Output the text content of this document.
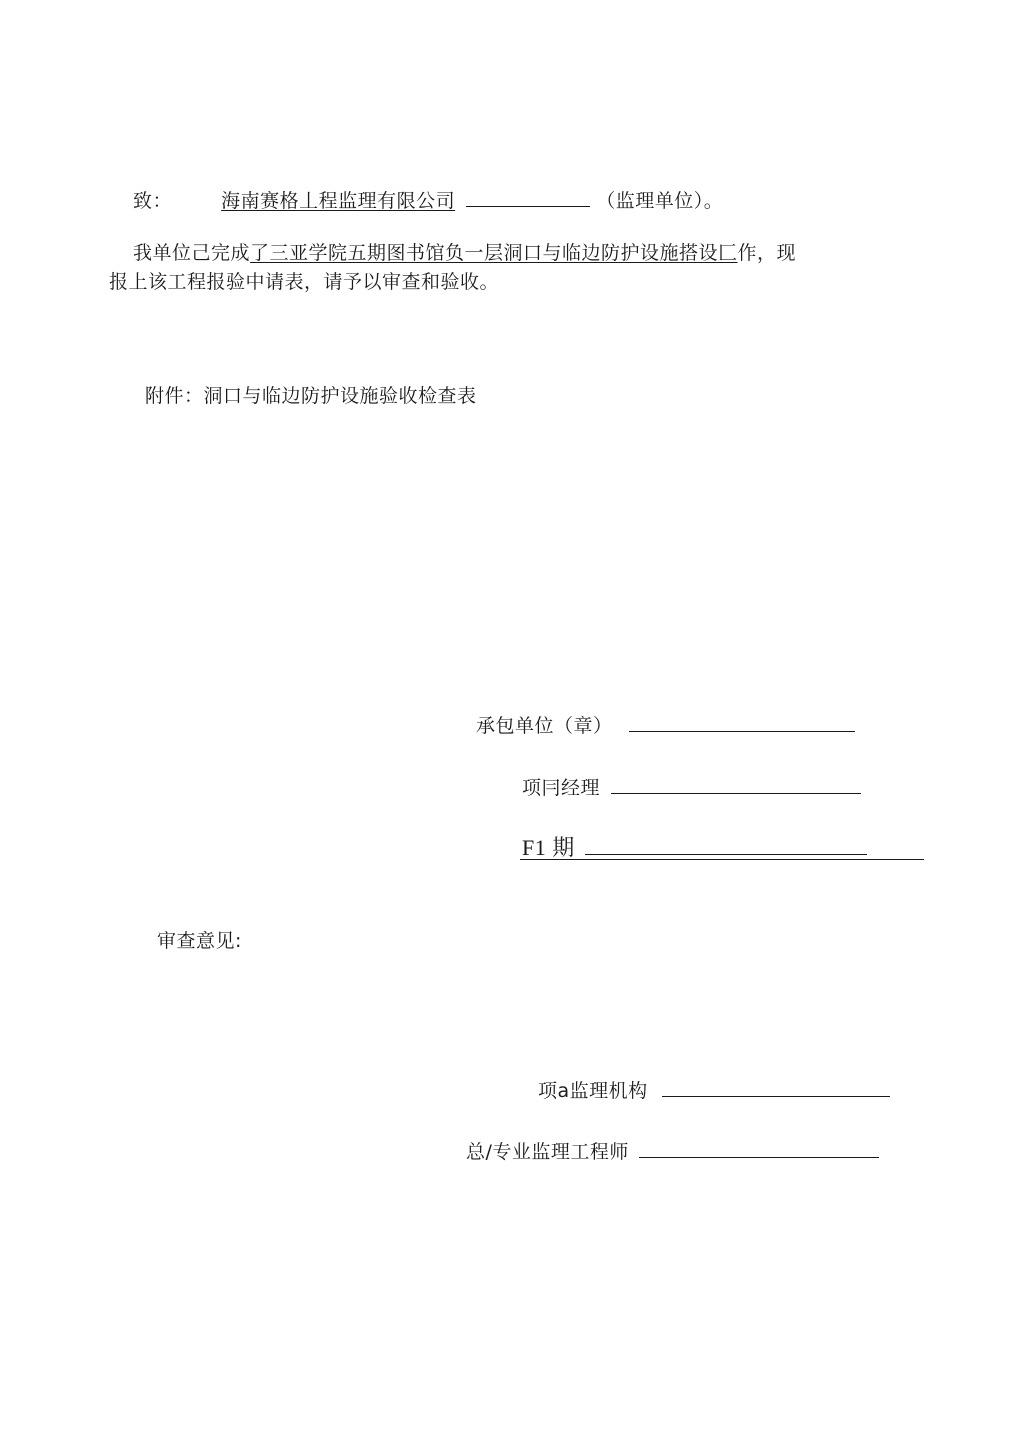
致：	海南赛格丄程监理有限公司	（监理单位）。
我单位己完成了三亚学院五期图书馆负一层洞口与临边防护设施搭设匚作，现
报上该工程报验中请表，请予以审查和验收。
附件：洞口与临边防护设施验收检查表
承包单位（章）
项冃经理
F1 期
审查意见:
项a监理机构
总/专业监理工程师
